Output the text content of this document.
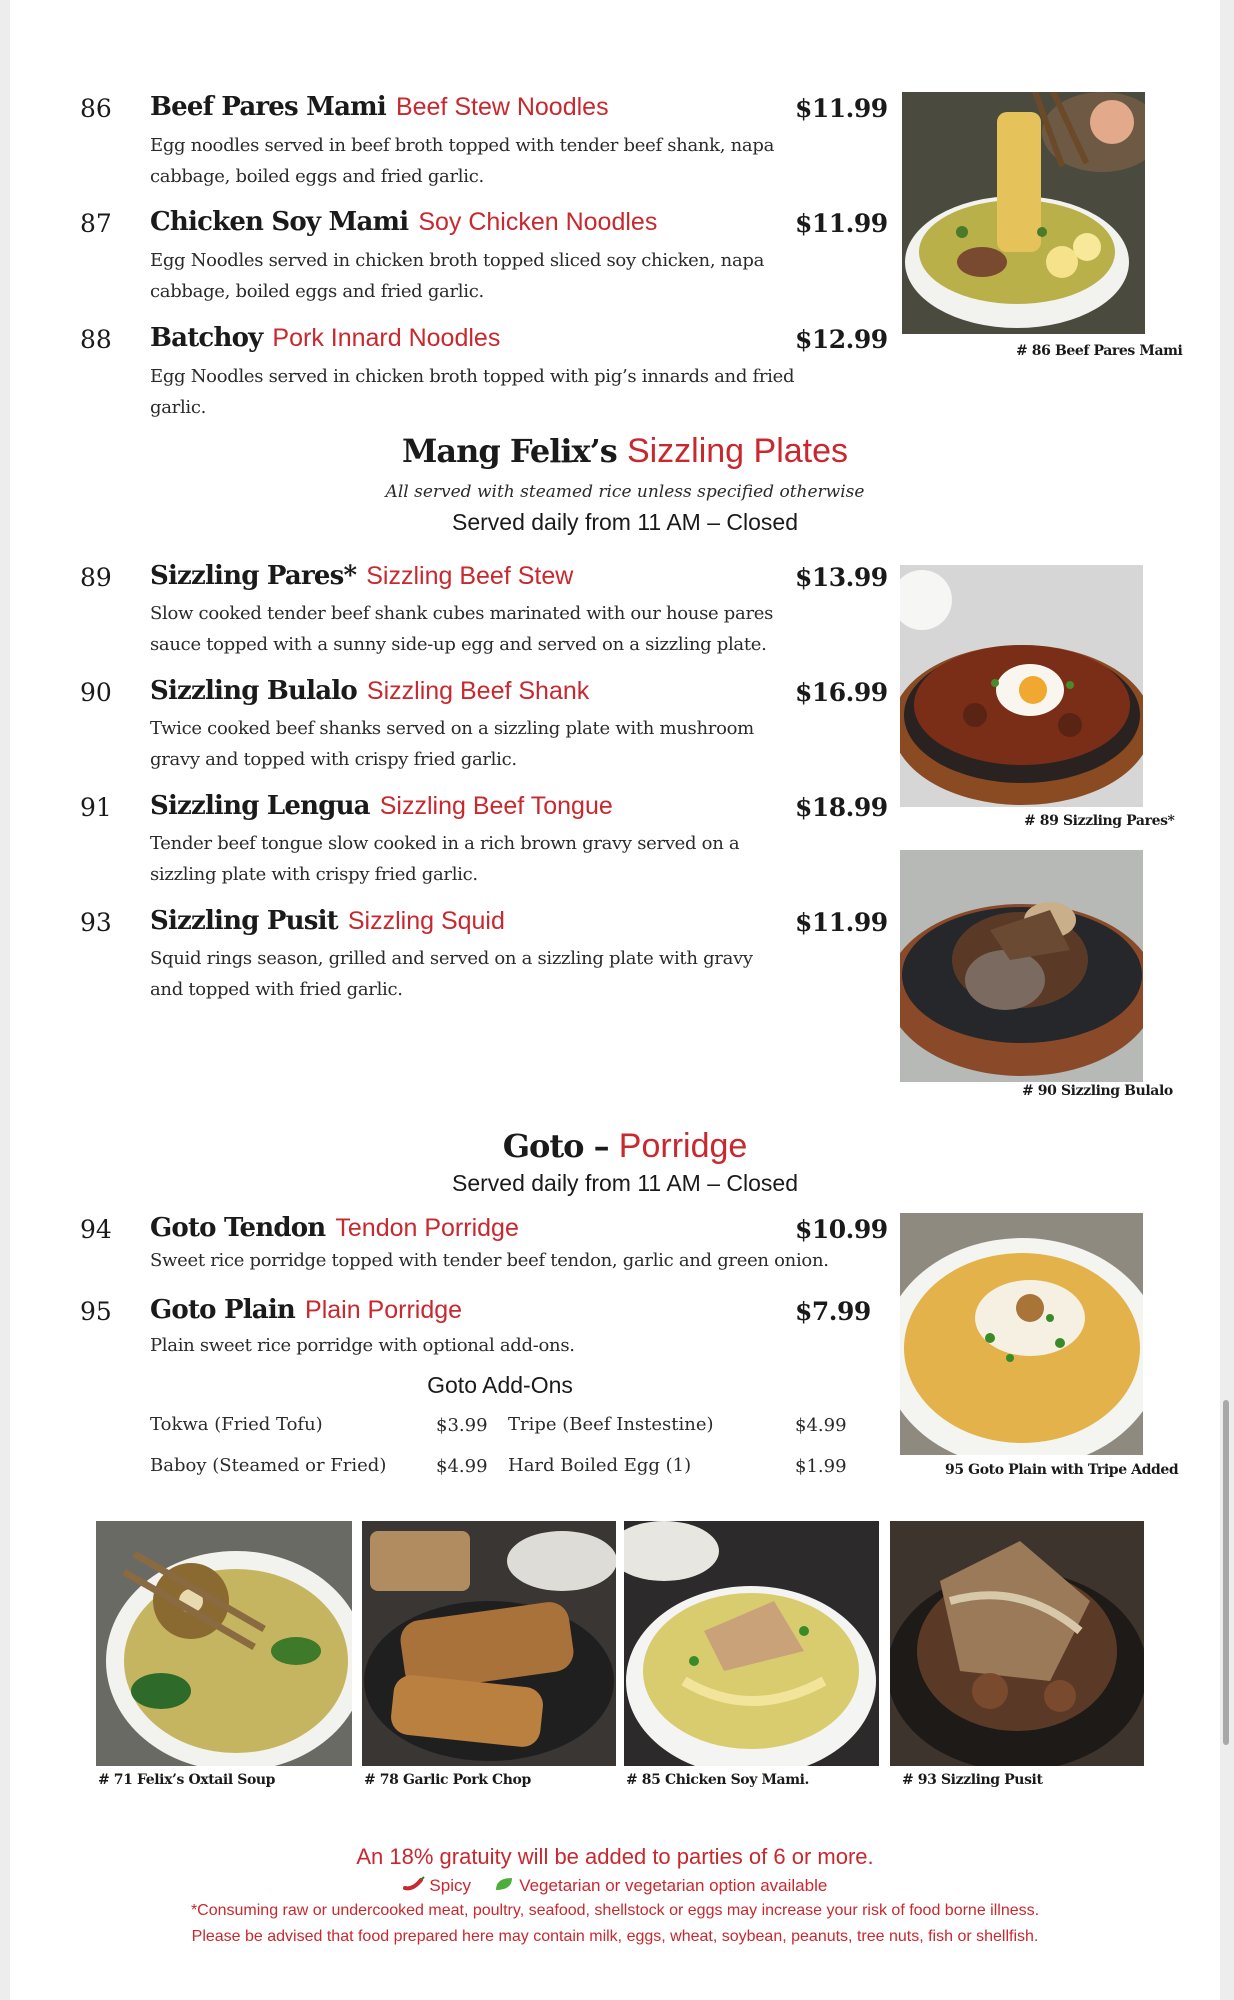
86 Beef Pares Mami Beef Stew Noodles	$11.99
Egg noodles served in beef broth topped with tender beef shank, napa cabbage, boiled eggs and fried garlic.
87 Chicken Soy Mami Soy Chicken Noodles	$11.99
Egg Noodles served in chicken broth topped sliced soy chicken, napa cabbage, boiled eggs and fried garlic.
88 Batchoy Pork Innard Noodles	$12.99
Egg Noodles served in chicken broth topped with pig’s innards and fried garlic.
# 86 Beef Pares Mami
Mang Felix’s Sizzling Plates
All served with steamed rice unless specified otherwise
Served daily from 11 AM – Closed
89 Sizzling Pares* Sizzling Beef Stew	$13.99
Slow cooked tender beef shank cubes marinated with our house pares sauce topped with a sunny side-up egg and served on a sizzling plate.
90 Sizzling Bulalo Sizzling Beef Shank	$16.99
Twice cooked beef shanks served on a sizzling plate with mushroom gravy and topped with crispy fried garlic.
91 Sizzling Lengua Sizzling Beef Tongue	$18.99
Tender beef tongue slow cooked in a rich brown gravy served on a sizzling plate with crispy fried garlic.
93 Sizzling Pusit Sizzling Squid	$11.99
Squid rings season, grilled and served on a sizzling plate with gravy and topped with fried garlic.
# 89 Sizzling Pares*
# 90 Sizzling Bulalo
Goto – Porridge
Served daily from 11 AM – Closed
94 Goto Tendon Tendon Porridge	$10.99
Sweet rice porridge topped with tender beef tendon, garlic and green onion.
95 Goto Plain Plain Porridge	$7.99
Plain sweet rice porridge with optional add-ons.
Goto Add-Ons
Tokwa (Fried Tofu)	$3.99 Tripe (Beef Instestine)	$4.99
Baboy (Steamed or Fried)	$4.99 Hard Boiled Egg (1)	$1.99	95 Goto Plain with Tripe Added
# 71 Felix’s Oxtail Soup	# 78 Garlic Pork Chop	# 85 Chicken Soy Mami.	# 93 Sizzling Pusit
An 18% gratuity will be added to parties of 6 or more.
Spicy	Vegetarian or vegetarian option available
*Consuming raw or undercooked meat, poultry, seafood, shellstock or eggs may increase your risk of food borne illness.
Please be advised that food prepared here may contain milk, eggs, wheat, soybean, peanuts, tree nuts, fish or shellfish.
